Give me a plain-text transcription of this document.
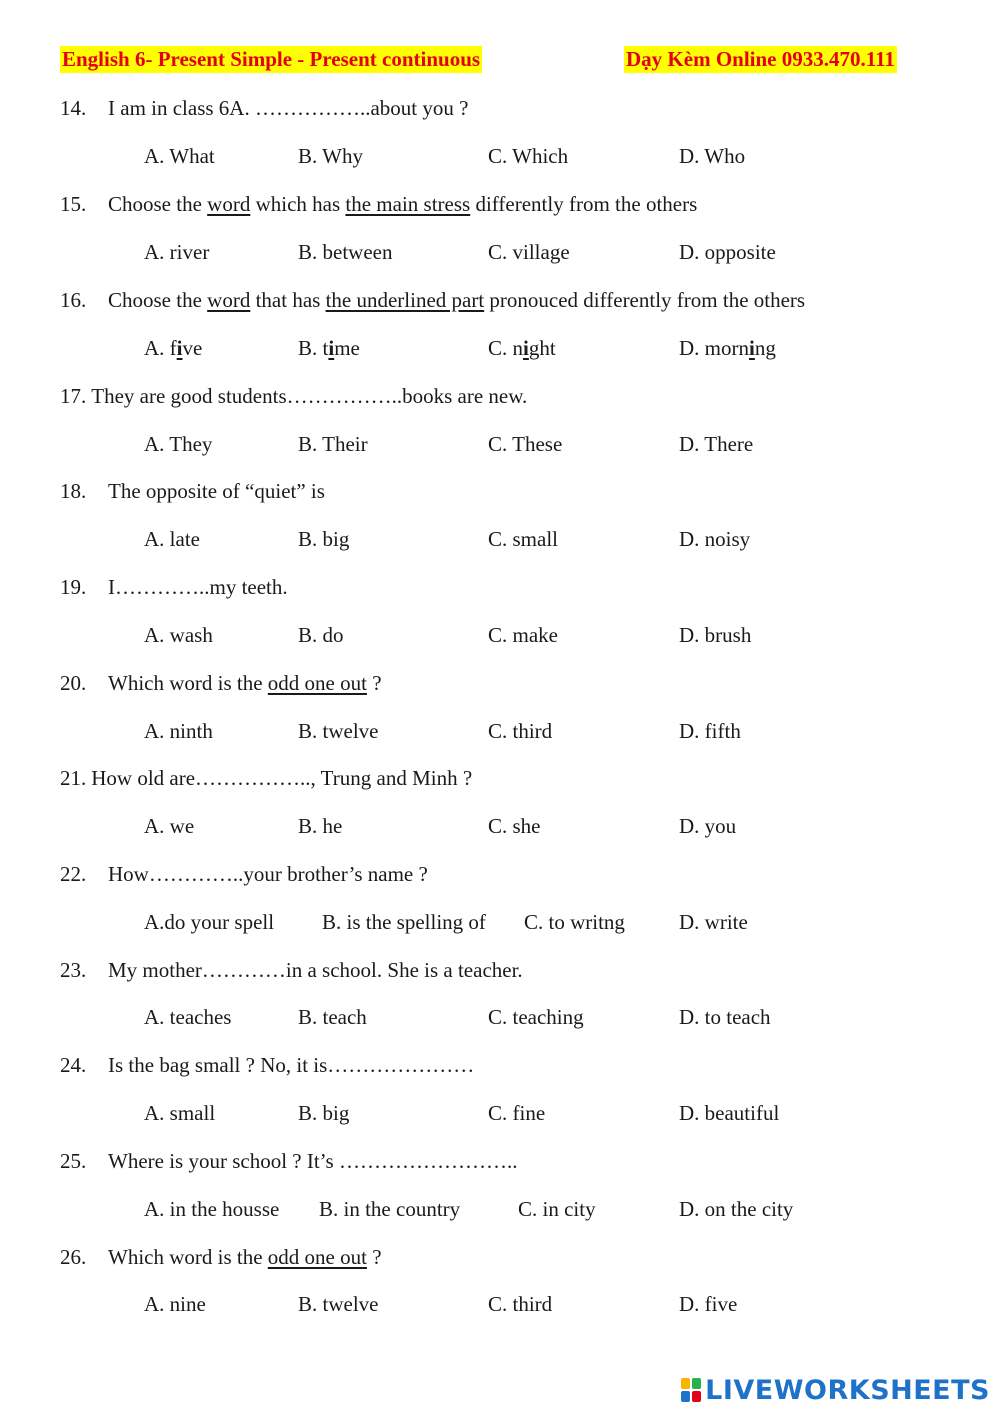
English 6- Present Simple - Present continuous	Dạy Kèm Online 0933.470.111
14. I am in class 6A. ……………..about you ?
A. What	B. Why	C. Which	D. Who
15. Choose the word which has the main stress differently from the others
A. river	B. between	C. village	D. opposite
16. Choose the word that has the underlined part pronouced differently from the others
A. five	B. time	C. night	D. morning
17. They are good students……………..books are new.
A. They	B. Their	C. These	D. There
18. The opposite of “quiet” is
A. late	B. big	C. small	D. noisy
19. I…………..my teeth.
A. wash	B. do	C. make	D. brush
20. Which word is the odd one out ?
A. ninth	B. twelve	C. third	D. fifth
21. How old are…………….., Trung and Minh ?
A. we	B. he	C. she	D. you
22. How…………..your brother’s name ?
A.do your spell B. is the spelling of C. to writng	D. write
23. My mother…………in a school. She is a teacher.
A. teaches	B. teach	C. teaching	D. to teach
24. Is the bag small ? No, it is…………………
A. small	B. big	C. fine	D. beautiful
25. Where is your school ? It’s ……………………..
A. in the housse B. in the country	C. in city	D. on the city
26. Which word is the odd one out ?
A. nine	B. twelve	C. third	D. five
LIVEWORKSHEETS
